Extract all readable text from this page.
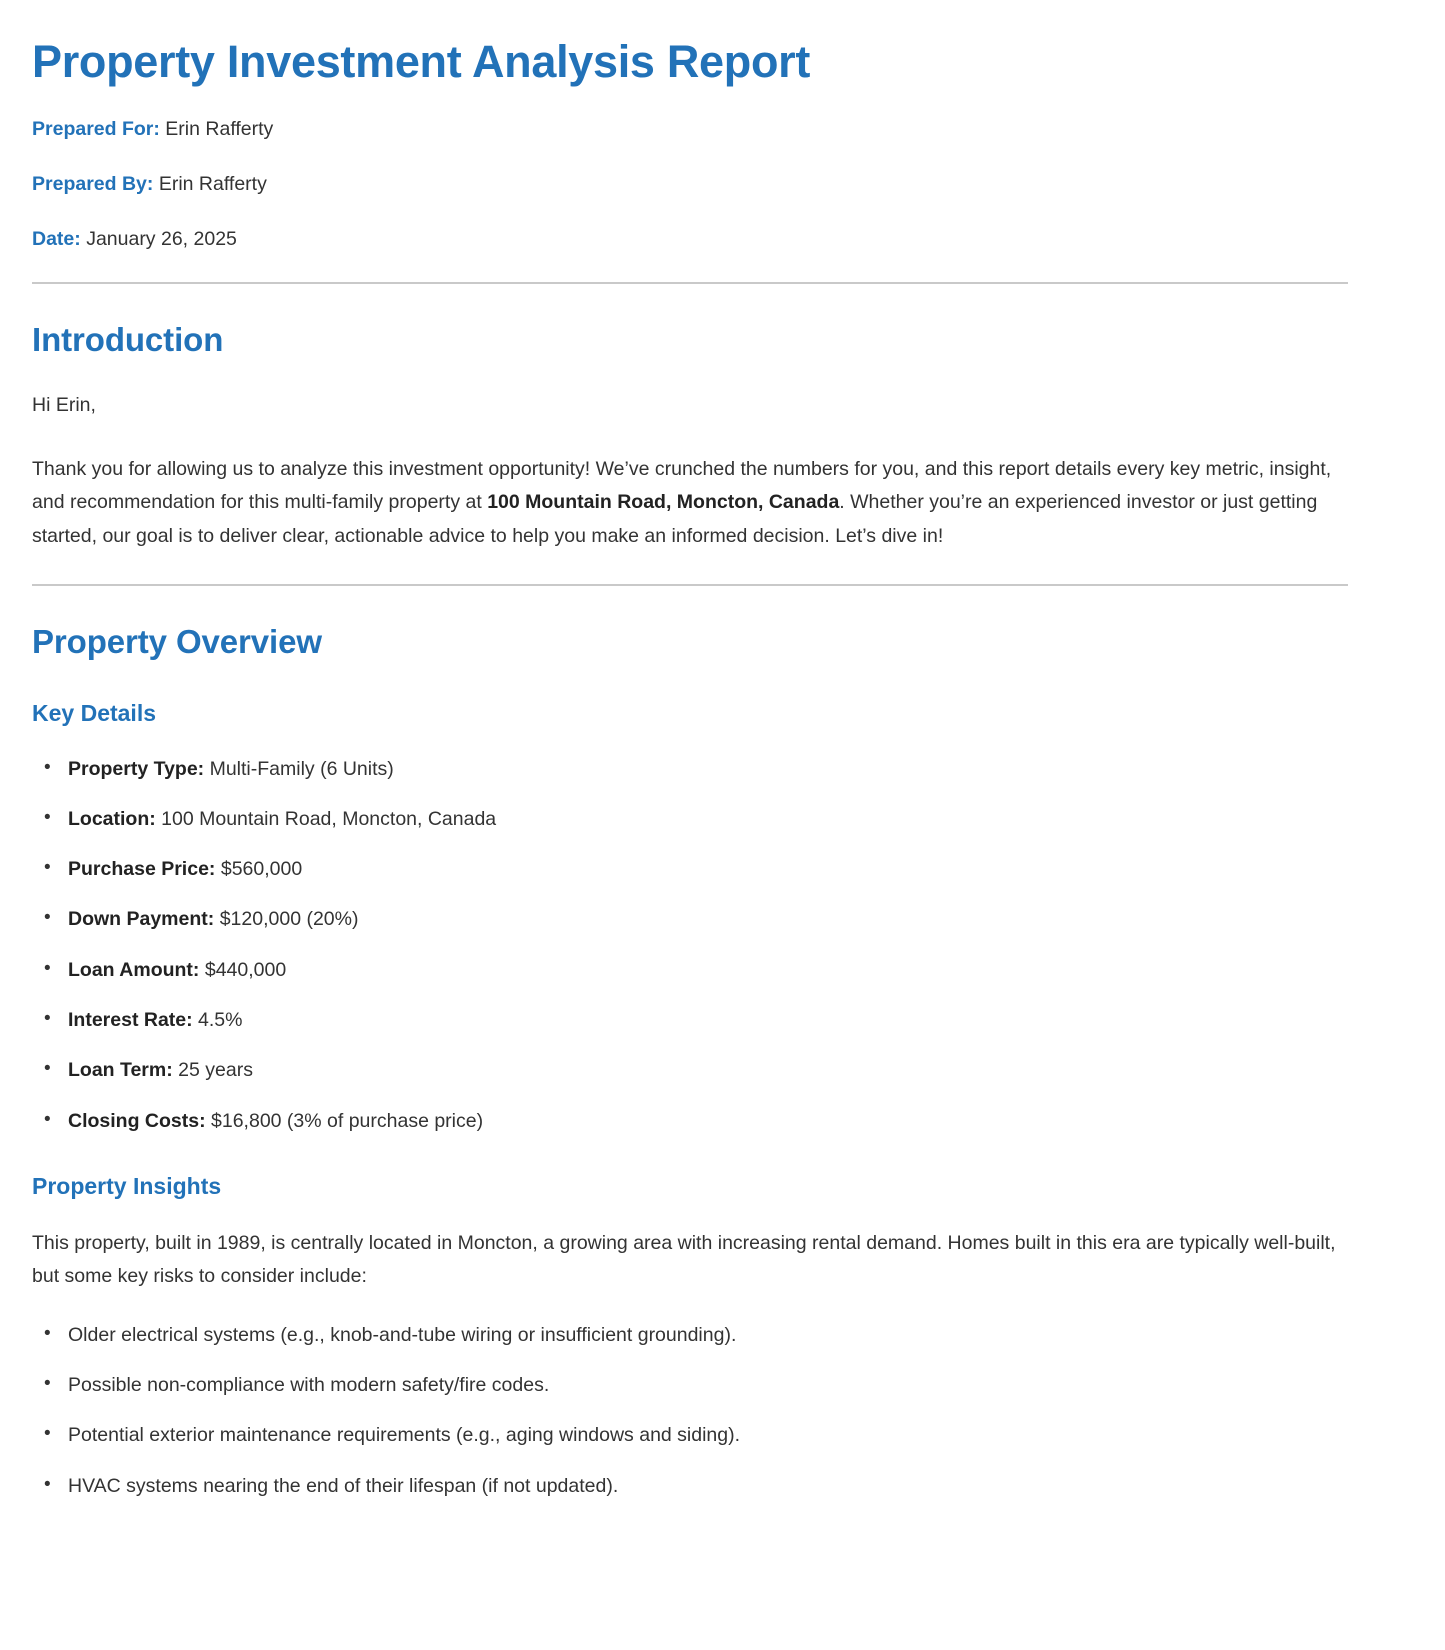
Property Investment Analysis Report

Prepared For: Erin Rafferty

Prepared By: Erin Rafferty

Date: January 26, 2025

Introduction

Hi Erin,

Thank you for allowing us to analyze this investment opportunity! We’ve crunched the numbers for you, and this report details every key metric, insight, and recommendation for this multi-family property at 100 Mountain Road, Moncton, Canada. Whether you’re an experienced investor or just getting started, our goal is to deliver clear, actionable advice to help you make an informed decision. Let’s dive in!

Property Overview
Key Details
• Property Type: Multi-Family (6 Units)
• Location: 100 Mountain Road, Moncton, Canada
• Purchase Price: $560,000
• Down Payment: $120,000 (20%)
• Loan Amount: $440,000
• Interest Rate: 4.5%
• Loan Term: 25 years
• Closing Costs: $16,800 (3% of purchase price)
Property Insights

This property, built in 1989, is centrally located in Moncton, a growing area with increasing rental demand. Homes built in this era are typically well-built, but some key risks to consider include:

• Older electrical systems (e.g., knob-and-tube wiring or insufficient grounding).
• Possible non-compliance with modern safety/fire codes.
• Potential exterior maintenance requirements (e.g., aging windows and siding).
• HVAC systems nearing the end of their lifespan (if not updated).
